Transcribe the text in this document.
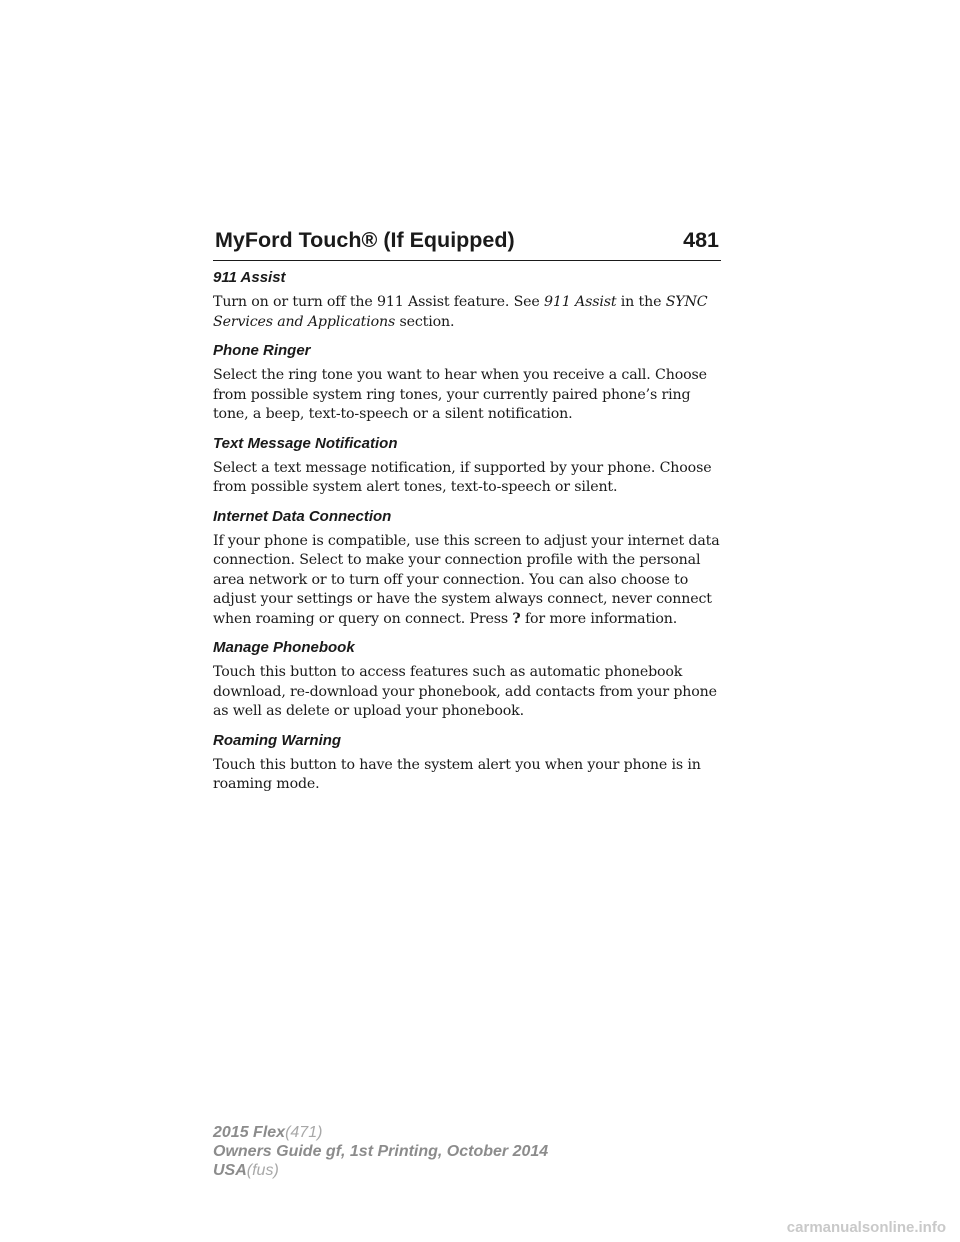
MyFord Touch® (If Equipped)	481
911 Assist

Turn on or turn off the 911 Assist feature. See 911 Assist in the SYNC Services and Applications section.

Phone Ringer

Select the ring tone you want to hear when you receive a call. Choose from possible system ring tones, your currently paired phone’s ring tone, a beep, text-to-speech or a silent notification.

Text Message Notification

Select a text message notification, if supported by your phone. Choose from possible system alert tones, text-to-speech or silent.

Internet Data Connection

If your phone is compatible, use this screen to adjust your internet data connection. Select to make your connection profile with the personal area network or to turn off your connection. You can also choose to adjust your settings or have the system always connect, never connect when roaming or query on connect. Press ? for more information.

Manage Phonebook

Touch this button to access features such as automatic phonebook download, re-download your phonebook, add contacts from your phone as well as delete or upload your phonebook.

Roaming Warning

Touch this button to have the system alert you when your phone is in roaming mode.

2015 Flex(471)
Owners Guide gf, 1st Printing, October 2014
USA(fus)
carmanualsonline.info
